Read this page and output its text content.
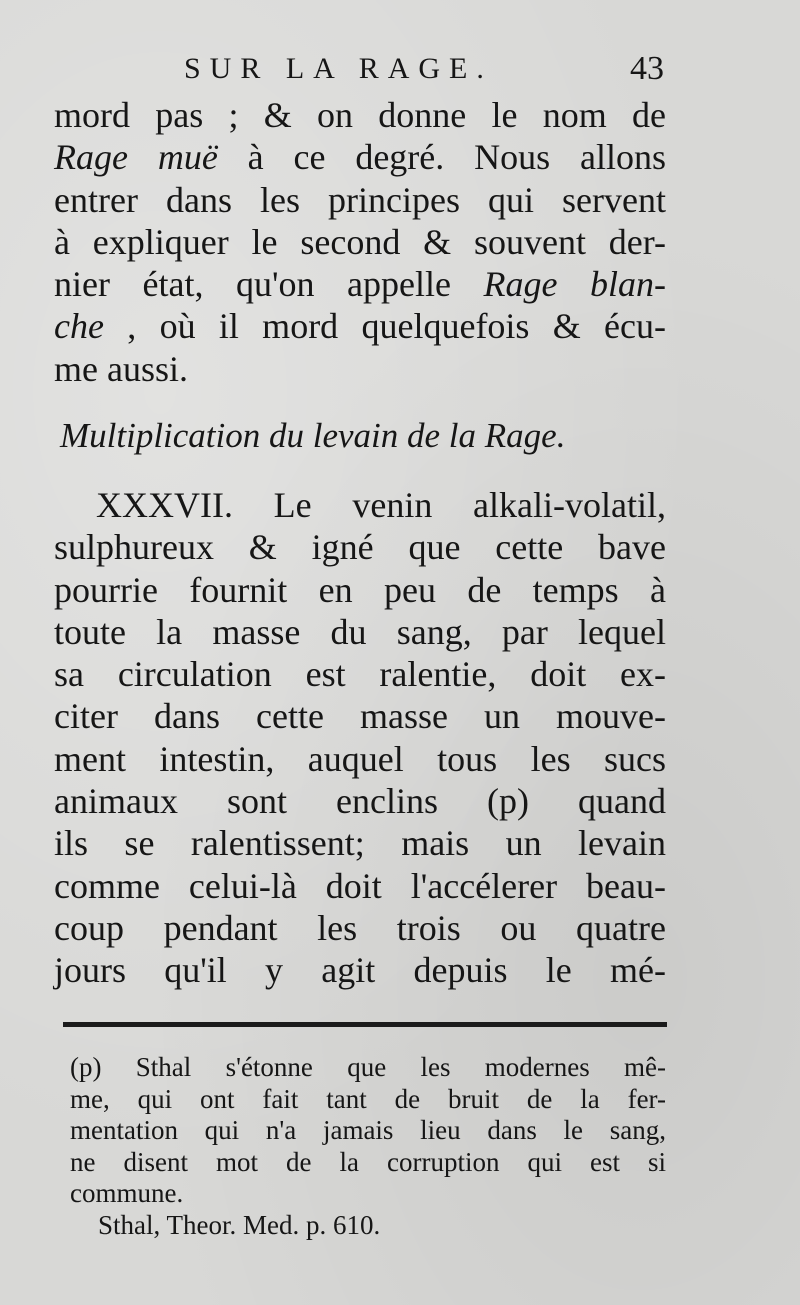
SUR LA RAGE.	43
mord pas ; & on donne le nom de
Rage muë à ce degré. Nous allons
entrer dans les principes qui servent
à expliquer le second & souvent der-
nier état, qu'on appelle Rage blan-
che , où il mord quelquefois & écu-
me aussi.
Multiplication du levain de la Rage.
XXXVII. Le venin alkali-volatil,
sulphureux & igné que cette bave
pourrie fournit en peu de temps à
toute la masse du sang, par lequel
sa circulation est ralentie, doit ex-
citer dans cette masse un mouve-
ment intestin, auquel tous les sucs
animaux sont enclins (p) quand
ils se ralentissent; mais un levain
comme celui-là doit l'accélerer beau-
coup pendant les trois ou quatre
jours qu'il y agit depuis le mé-
(p) Sthal s'étonne que les modernes mê-
me, qui ont fait tant de bruit de la fer-
mentation qui n'a jamais lieu dans le sang,
ne disent mot de la corruption qui est si
commune.
Sthal, Theor. Med. p. 610.
